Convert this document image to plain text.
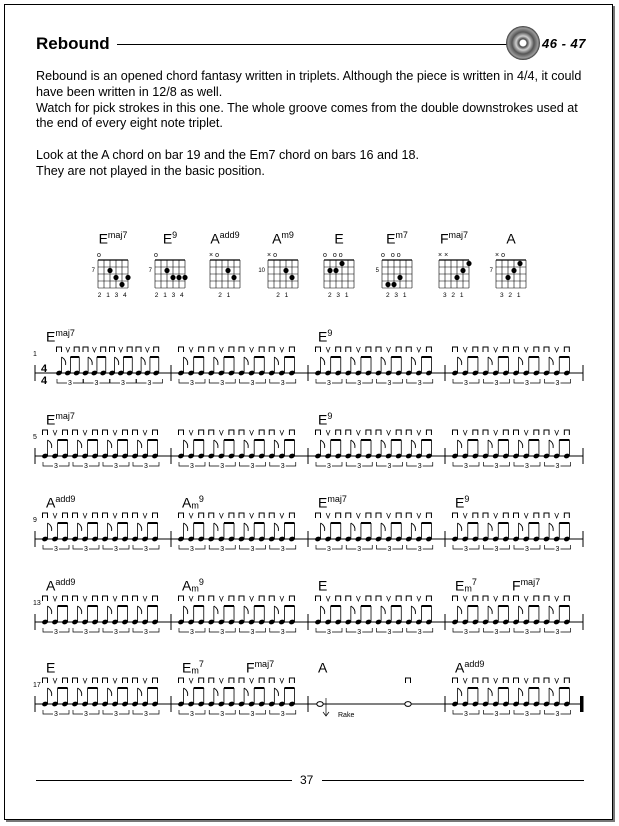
Rebound	46 - 47

Rebound is an opened chord fantasy written in triplets. Although the piece is written in 4/4, it could have been written in 12/8 as well.

Watch for pick strokes in this one. The whole groove comes from the double downstrokes used at the end of every eight note triplet.

Look at the A chord on bar 19 and the Em7 chord on bars 16 and 18.

They are not played in the basic position.

$E^{maj7}$
o
7
2 1 3 4
$E^9$
o
7
2 1 3 4
$A^{add9}$
×o
2 1
$A^{m9}$
×o
10
2 1
E
o oo
2 3 1
$E^{m7}$
o oo
5
2 3 1
$F^{maj7}$
××
3 2 1
A
×o
7
3 2 1
4
4	3	3	3	3	3	3	3	3	3	3	3	3	3	3	3	3
3	3	3	3	3	3	3	3	3	3	3	3	3	3	3	3
3	3	3	3	3	3	3	3	3	3	3	3	3	3	3	3
3	3	3	3	3	3	3	3	3	3	3	3	3	3	3	3
3	3	3	3	3	3	3	3	3	3	3	3
$E^{maj7}$	$E^9$
1
$E^{maj7}$	$E^9$
5
$A^{add9}$	$A_m^9$	$E^{maj7}$	$E^9$
9
$A^{add9}$	$A_m^9$	E	$E_m^7$	$F^{maj7}$
13
E	$E_m^7$	$F^{maj7}$	A	$A^{add9}$
17
Rake
37
